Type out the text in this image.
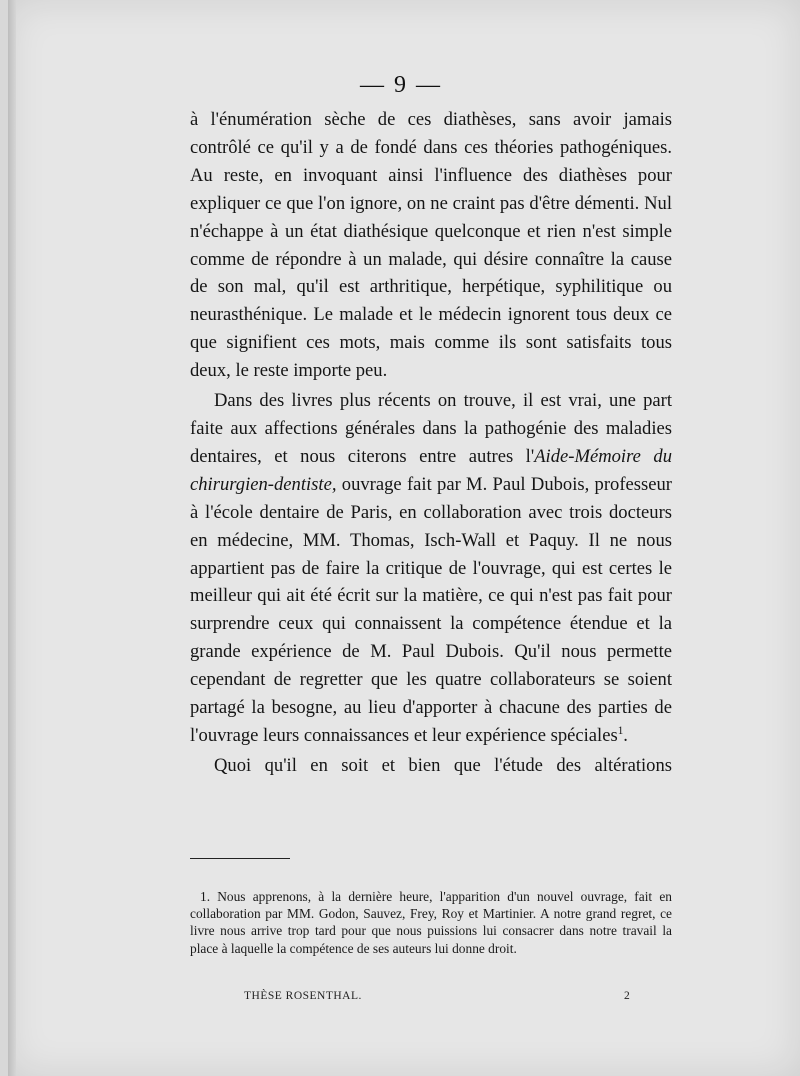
— 9 —

à l'énumération sèche de ces diathèses, sans avoir jamais contrôlé ce qu'il y a de fondé dans ces théories pathogéniques. Au reste, en invoquant ainsi l'influence des diathèses pour expliquer ce que l'on ignore, on ne craint pas d'être démenti. Nul n'échappe à un état diathésique quelconque et rien n'est simple comme de répondre à un malade, qui désire connaître la cause de son mal, qu'il est arthritique, herpétique, syphilitique ou neurasthénique. Le malade et le médecin ignorent tous deux ce que signifient ces mots, mais comme ils sont satisfaits tous deux, le reste importe peu.

Dans des livres plus récents on trouve, il est vrai, une part faite aux affections générales dans la pathogénie des maladies dentaires, et nous citerons entre autres l'Aide-Mémoire du chirurgien-dentiste, ouvrage fait par M. Paul Dubois, professeur à l'école dentaire de Paris, en collaboration avec trois docteurs en médecine, MM. Thomas, Isch-Wall et Paquy. Il ne nous appartient pas de faire la critique de l'ouvrage, qui est certes le meilleur qui ait été écrit sur la matière, ce qui n'est pas fait pour surprendre ceux qui connaissent la compétence étendue et la grande expérience de M. Paul Dubois. Qu'il nous permette cependant de regretter que les quatre collaborateurs se soient partagé la besogne, au lieu d'apporter à chacune des parties de l'ouvrage leurs connaissances et leur expérience spéciales$^1$.

Quoi qu'il en soit et bien que l'étude des altérations

1. Nous apprenons, à la dernière heure, l'apparition d'un nouvel ouvrage, fait en collaboration par MM. Godon, Sauvez, Frey, Roy et Martinier. A notre grand regret, ce livre nous arrive trop tard pour que nous puissions lui consacrer dans notre travail la place à laquelle la compétence de ses auteurs lui donne droit.
THÈSE ROSENTHAL.	2
